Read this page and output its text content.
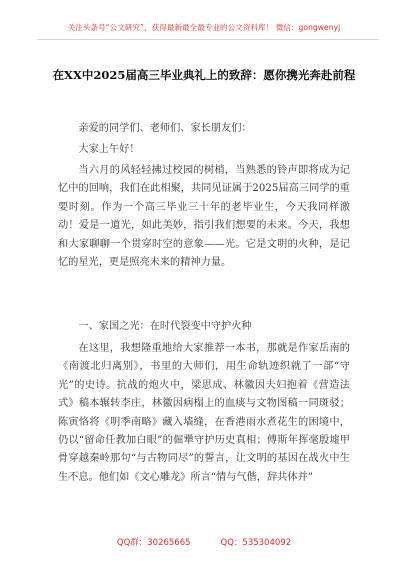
关注头条号“公文研究”，获得最新最全最专业的公文资料库！ 微信：gongwenyj
在XX中2025届高三毕业典礼上的致辞：愿你携光奔赴前程

亲爱的同学们、老师们、家长朋友们：

大家上午好！

当六月的风轻轻拂过校园的树梢，当熟悉的铃声即将成为记忆中的回响，我们在此相聚，共同见证属于2025届高三同学的重要时刻。作为一个高三毕业三十年的老毕业生，今天我同样激动！爱是一道光，如此美妙，指引我们想要的未来。今天，我想和大家聊聊一个贯穿时空的意象——光。它是文明的火种，是记忆的星光，更是照亮未来的精神力量。

一、家国之光：在时代裂变中守护火种

在这里，我想隆重地给大家推荐一本书，那就是作家岳南的《南渡北归离别》，书里的大师们，用生命轨迹织就了一部“守光”的史诗。抗战的炮火中，梁思成、林徽因夫妇抱着《营造法式》稿本辗转李庄，林徽因病榻上的血痰与文物图稿一同斑驳；陈寅恪将《明季南略》藏入墙缝，在香港雨水煮花生的困境中，仍以“留命任教加白眼”的倔犟守护历史真相；傅斯年挥毫殷墟甲骨穿越秦岭那句“与古物同尽”的誓言，让文明的基因在战火中生生不息。他们如《文心雕龙》所言“情与气偕，辞共体并”

QQ群：30265665	QQ：535304092
